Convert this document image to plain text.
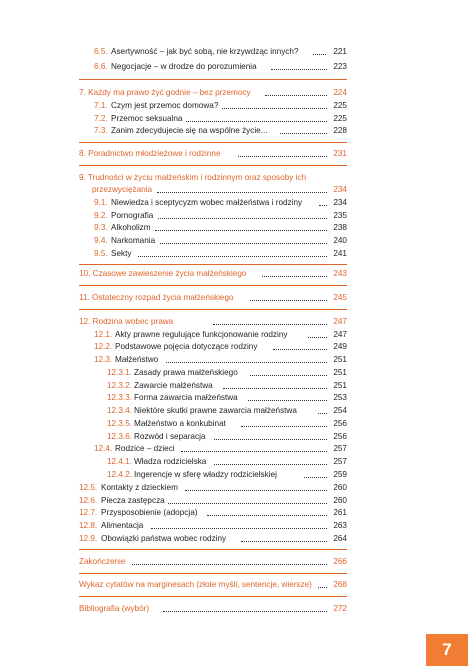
6.5. Asertywność – jak być sobą, nie krzywdząc innych?	221
6.6. Negocjacje – w drodze do porozumienia	223
7. Każdy ma prawo żyć godnie – bez przemocy	224
7.1. Czym jest przemoc domowa?	225
7.2. Przemoc seksualna	225
7.3. Zanim zdecydujecie się na wspólne życie...	228
8. Poradnictwo młodzieżowe i rodzinne	231
9. Trudności w życiu małżeńskim i rodzinnym oraz sposoby ich
przezwyciężania	234
9.1. Niewiedza i sceptycyzm wobec małżeństwa i rodziny	234
9.2. Pornografia	235
9.3. Alkoholizm	238
9.4. Narkomania	240
9.5. Sekty	241
10. Czasowe zawieszenie życia małżeńskiego	243
11. Ostateczny rozpad życia małżeńskiego	245
12. Rodzina wobec prawa	247
12.1. Akty prawne regulujące funkcjonowanie rodziny	247
12.2. Podstawowe pojęcia dotyczące rodziny	249
12.3. Małżeństwo	251
12.3.1. Zasady prawa małżeńskiego	251
12.3.2. Zawarcie małżeństwa	251
12.3.3. Forma zawarcia małżeństwa	253
12.3.4. Niektóre skutki prawne zawarcia małżeństwa	254
12.3.5. Małżeństwo a konkubinat	256
12.3.6. Rozwód i separacja	256
12.4. Rodzice – dzieci	257
12.4.1. Władza rodzicielska	257
12.4.2. Ingerencje w sferę władzy rodzicielskiej	259
12.5. Kontakty z dzieckiem	260
12.6. Piecza zastępcza	260
12.7. Przysposobienie (adopcja)	261
12.8. Alimentacja	263
12.9. Obowiązki państwa wobec rodziny	264
Zakończenie	266
Wykaz cytatów na marginesach (złote myśli, sentencje, wiersze)	268
Bibliografia (wybór)	272
7
